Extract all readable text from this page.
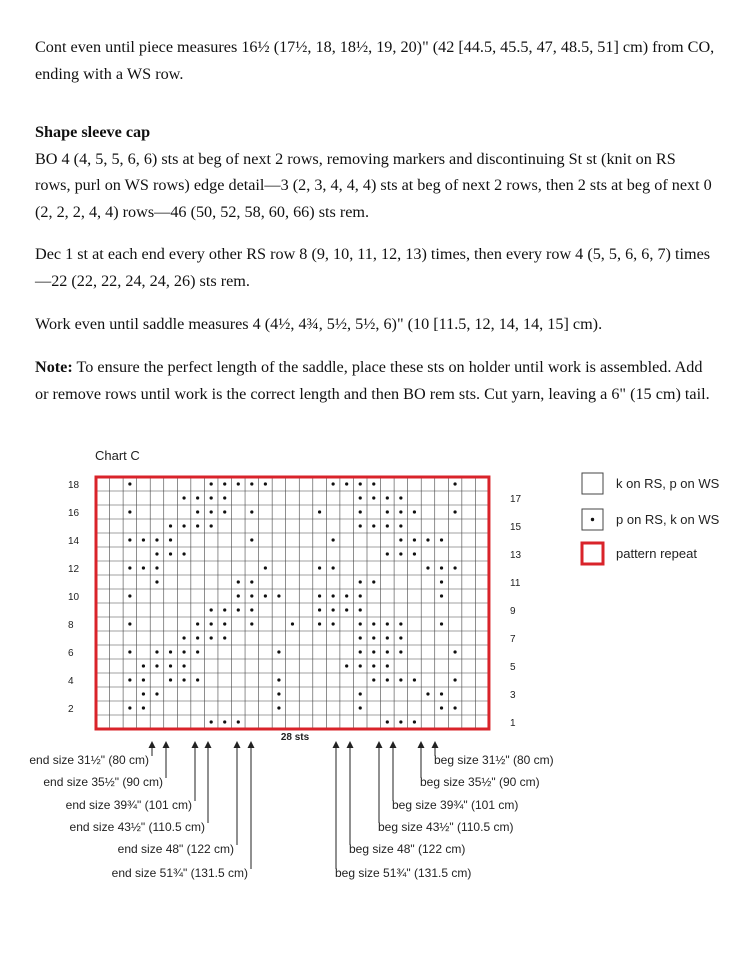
Cont even until piece measures 16½ (17½, 18, 18½, 19, 20)" (42 [44.5, 45.5, 47, 48.5, 51] cm) from CO, ending with a WS row.

Shape sleeve cap

BO 4 (4, 5, 5, 6, 6) sts at beg of next 2 rows, removing markers and discontinuing St st (knit on RS rows, purl on WS rows) edge detail—3 (2, 3, 4, 4, 4) sts at beg of next 2 rows, then 2 sts at beg of next 0 (2, 2, 2, 4, 4) rows—46 (50, 52, 58, 60, 66) sts rem.

Dec 1 st at each end every other RS row 8 (9, 10, 11, 12, 13) times, then every row 4 (5, 5, 6, 6, 7) times—22 (22, 22, 24, 24, 26) sts rem.

Work even until saddle measures 4 (4½, 4¾, 5½, 5½, 6)" (10 [11.5, 12, 14, 14, 15] cm).

Note: To ensure the perfect length of the saddle, place these sts on holder until work is assembled. Add or remove rows until work is the correct length and then BO rem sts. Cut yarn, leaving a 6" (15 cm) tail.

Chart C
18
16
14
12
10
8
6
4
2
17
15
13
11
9
7
5
3
1
28 sts
k on RS, p on WS
p on RS, k on WS
pattern repeat
end size 31½" (80 cm)
end size 35½" (90 cm)
end size 39¾" (101 cm)
end size 43½" (110.5 cm)
end size 48" (122 cm)
end size 51¾" (131.5 cm)
beg size 31½" (80 cm)
beg size 35½" (90 cm)
beg size 39¾" (101 cm)
beg size 43½" (110.5 cm)
beg size 48" (122 cm)
beg size 51¾" (131.5 cm)
